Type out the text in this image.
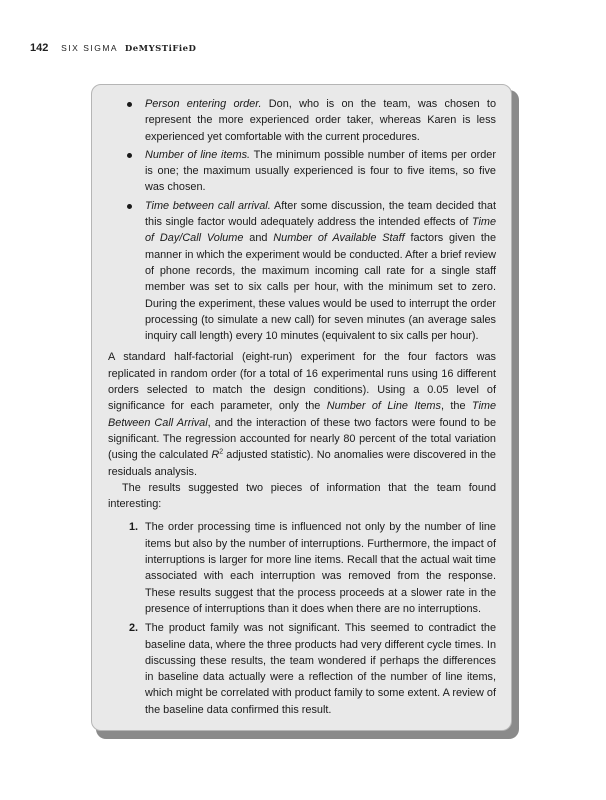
142 SIX SIGMA DeMYSTiFieD
Person entering order. Don, who is on the team, was chosen to represent the more experienced order taker, whereas Karen is less experienced yet comfortable with the current procedures.
Number of line items. The minimum possible number of items per order is one; the maximum usually experienced is four to five items, so five was chosen.
Time between call arrival. After some discussion, the team decided that this single factor would adequately address the intended effects of Time of Day/Call Volume and Number of Available Staff factors given the manner in which the experiment would be conducted. After a brief review of phone records, the maximum incoming call rate for a single staff member was set to six calls per hour, with the minimum set to zero. During the experiment, these values would be used to interrupt the order processing (to simulate a new call) for seven minutes (an average sales inquiry call length) every 10 minutes (equivalent to six calls per hour).

A standard half-factorial (eight-run) experiment for the four factors was replicated in random order (for a total of 16 experimental runs using 16 different orders selected to match the design conditions). Using a 0.05 level of significance for each parameter, only the Number of Line Items, the Time Between Call Arrival, and the interaction of these two factors were found to be significant. The regression accounted for nearly 80 percent of the total variation (using the calculated $R^2$ adjusted statistic). No anomalies were discovered in the residuals analysis.

The results suggested two pieces of information that the team found interesting:

1. The order processing time is influenced not only by the number of line items but also by the number of interruptions. Furthermore, the impact of interruptions is larger for more line items. Recall that the actual wait time associated with each interruption was removed from the response. These results suggest that the process proceeds at a slower rate in the presence of interruptions than it does when there are no interruptions.
2. The product family was not significant. This seemed to contradict the baseline data, where the three products had very different cycle times. In discussing these results, the team wondered if perhaps the differences in baseline data actually were a reflection of the number of line items, which might be correlated with product family to some extent. A review of the baseline data confirmed this result.
